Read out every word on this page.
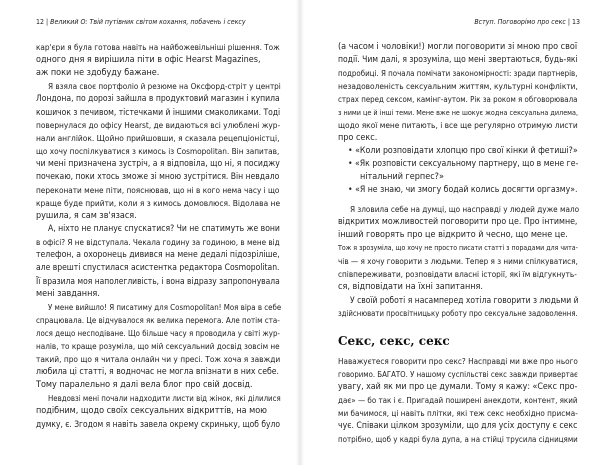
12 | Великий О: Твій путівник світом кохання, побачень і сексу
кар'єри я була готова навіть на найбожевільніші рішення. Тож
одного дня я вирішила піти в офіс Hearst Magazines,
аж поки не здобуду бажане.
Я взяла своє портфоліо й резюме на Оксфорд-стріт у центрі
Лондона, по дорозі зайшла в продуктовий магазин і купила
кошичок з печивом, тістечками й іншими смаколиками. Тоді
повернулася до офісу Hearst, де видаються всі улюблені жур-
нали англійок. Щойно прийшовши, я сказала рецепціоністці,
що хочу поспілкуватися з кимось із Cosmopolitan. Він запитав,
чи мені призначена зустріч, а я відповіла, що ні, я посиджу
почекаю, поки хтось зможе зі мною зустрітися. Він невдало
переконати мене піти, пояснював, що ні в кого нема часу і що
краще буде прийти, коли я з кимось домовлюся. Відолава не
рушила, я сам зв'язася.
А, ніхто не планує спускатися? Чи не спатимуть же вони
в офісі? Я не відступала. Чекала годину за годиною, в мене від
телефон, а охоронець дивився на мене дедалі підозріліше,
але врешті спустилася асистентка редактора Cosmopolitan.
Її вразила моя наполегливість, і вона відразу запропонувала
мені завдання.
У мене вийшло! Я писатиму для Cosmopolitan! Моя віра в себе
спрацювала. Це відчувалося як велика перемога. Але потім ста-
лося дещо несподіване. Що більше часу я проводила у світі жур-
налів, то краще розуміла, що мій сексуальний досвід зовсім не
такий, про що я читала онлайн чи у пресі. Тож хоча я завжди
любила ці статті, я водночас не могла впізнати в них себе.
Тому паралельно я далі вела блог про свій досвід.
Невдовзі мені почали надходити листи від жінок, які ділилися
подібним, щодо своїх сексуальних відкриттів, на мою
думку, є. Згодом я навіть завела окрему скриньку, щоб було
Вступ. Поговорімо про секс | 13
(а часом і чоловіки!) могли поговорити зі мною про свої
події. Чим далі, я зрозуміла, що мені звертаються, будь-які
подробиці. Я почала помічати закономірності: зради партнерів,
незадоволеність сексуальним життям, культурні конфлікти,
страх перед сексом, камінг-аутом. Рік за роком я обговорювала
з ними це й інші теми. Мене вже не шокує жодна сексуальна дилема,
щодо якої мене питають, і все ще регулярно отримую листи
про секс.
• «Коли розповідати хлопцю про свої кінки й фетиші?»
• «Як розповісти сексуальному партнеру, що в мене ге-
нітальний герпес?»
• «Я не знаю, чи змогу бодай колись досягти оргазму».
Я зловила себе на думці, що насправді у людей дуже мало
відкритих можливостей поговорити про це. Про інтимне,
інший говорять про це відкрито й чесно, що мене це.
Тож я зрозуміла, що хочу не просто писати статті з порадами для чита-
чів — я хочу говорити з людьми. Тепер я з ними спілкуватися,
співпереживати, розповідати власні історії, які їм відгукнуть-
ся, відповідати на їхні запитання.
У своїй роботі я насамперед хотіла говорити з людьми й
здійснювати просвітницьку роботу про сексуальне задоволення.
Секс, секс, секс
Наважуєтеся говорити про секс? Насправді ми вже про нього
говоримо. БАГАТО. У нашому суспільстві секс завжди привертає
увагу, хай як ми про це думали. Тому я кажу: «Секс про-
дає» — бо так і є. Пригадай поширені анекдоти, контент, який
ми бачимося, ці навіть плітки, які теж секс необхідно присма-
чує. Співаки цілком зрозуміли, що для усіх доступу є секс
потрібно, щоб у кадрі була дупа, а на стійці трусила сідницями
